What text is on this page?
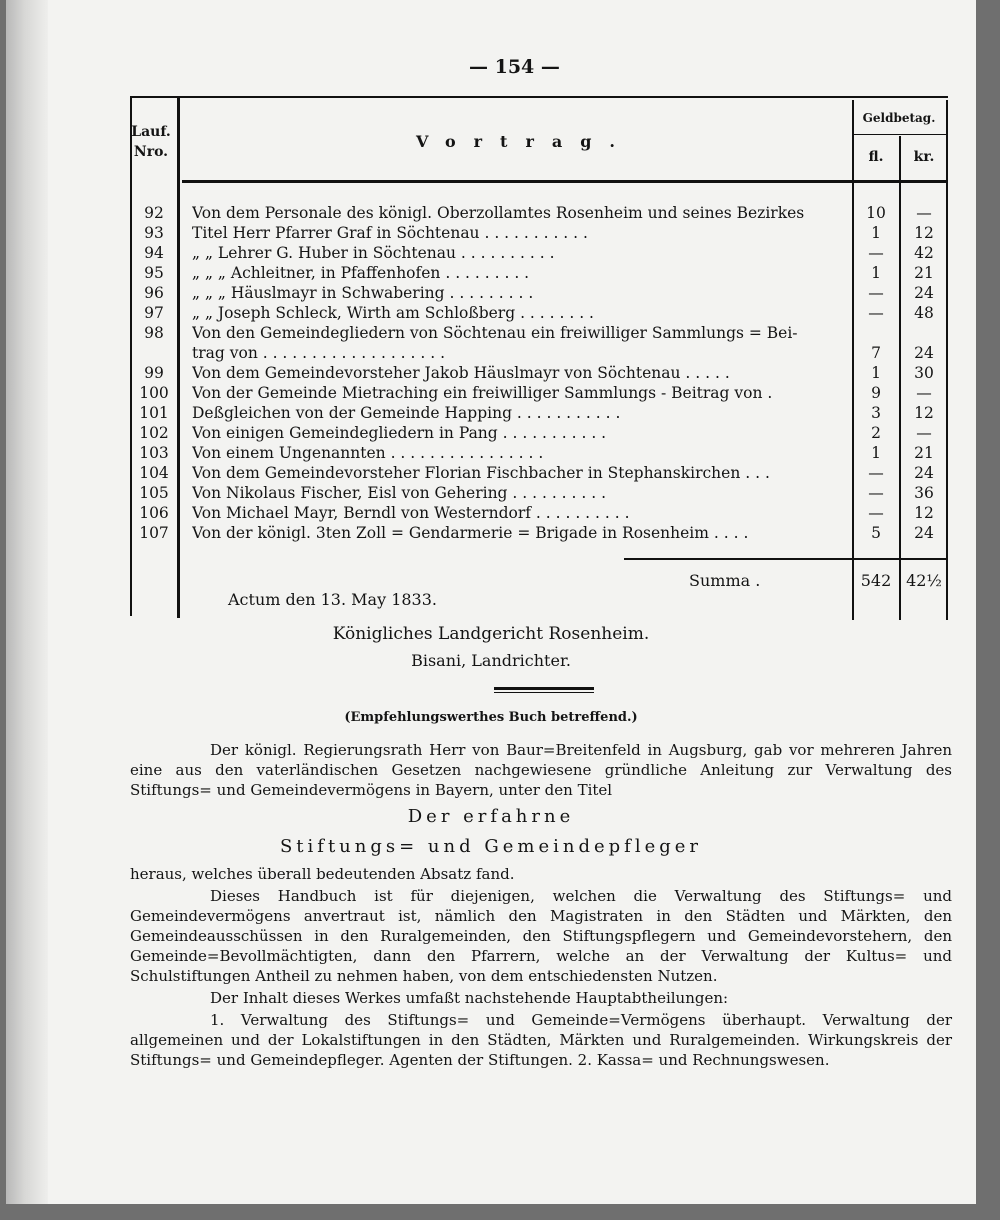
— 154 —
Lauf.
Nro.
Vortrag.
Geldbetag.
fl.	kr.
92	Von dem Personale des königl. Oberzollamtes Rosenheim und seines Bezirkes	10	—
93	Titel Herr Pfarrer Graf in Söchtenau . . . . . . . . . . .	1	12
94	„ „ Lehrer G. Huber in Söchtenau . . . . . . . . . .	—	42
95	„ „ „ Achleitner, in Pfaffenhofen . . . . . . . . .	1	21
96	„ „ „ Häuslmayr in Schwabering . . . . . . . . .	—	24
97	„ „ Joseph Schleck, Wirth am Schloßberg . . . . . . . .	—	48
98	Von den Gemeindegliedern von Söchtenau ein freiwilliger Sammlungs = Bei-
trag von . . . . . . . . . . . . . . . . . . .	7	24
99	Von dem Gemeindevorsteher Jakob Häuslmayr von Söchtenau . . . . .	1	30
100	Von der Gemeinde Mietraching ein freiwilliger Sammlungs - Beitrag von .	9	—
101	Deßgleichen von der Gemeinde Happing . . . . . . . . . . .	3	12
102	Von einigen Gemeindegliedern in Pang . . . . . . . . . . .	2	—
103	Von einem Ungenannten . . . . . . . . . . . . . . . .	1	21
104	Von dem Gemeindevorsteher Florian Fischbacher in Stephanskirchen . . .	—	24
105	Von Nikolaus Fischer, Eisl von Gehering . . . . . . . . . .	—	36
106	Von Michael Mayr, Berndl von Westerndorf . . . . . . . . . .	—	12
107	Von der königl. 3ten Zoll = Gendarmerie = Brigade in Rosenheim . . . .	5	24
Summa .	542 42½
Actum den 13. May 1833.
Königliches Landgericht Rosenheim.
Bisani, Landrichter.
(Empfehlungswerthes Buch betreffend.)

Der königl. Regierungsrath Herr von Baur=Breitenfeld in Augsburg, gab vor mehreren Jahren eine aus den vaterländischen Gesetzen nachgewiesene gründliche Anleitung zur Verwaltung des Stiftungs= und Gemeindevermögens in Bayern, unter den Titel

Der erfahrne
Stiftungs= und Gemeindepfleger

heraus, welches überall bedeutenden Absatz fand.

Dieses Handbuch ist für diejenigen, welchen die Verwaltung des Stiftungs= und Gemeindevermögens anvertraut ist, nämlich den Magistraten in den Städten und Märkten, den Gemeindeausschüssen in den Ruralgemeinden, den Stiftungspflegern und Gemeindevorstehern, den Gemeinde=Bevollmächtigten, dann den Pfarrern, welche an der Verwaltung der Kultus= und Schulstiftungen Antheil zu nehmen haben, von dem entschiedensten Nutzen.

Der Inhalt dieses Werkes umfaßt nachstehende Hauptabtheilungen:

1. Verwaltung des Stiftungs= und Gemeinde=Vermögens überhaupt. Verwaltung der allgemeinen und der Lokalstiftungen in den Städten, Märkten und Ruralgemeinden. Wirkungskreis der Stiftungs= und Gemeindepfleger. Agenten der Stiftungen. 2. Kassa= und Rechnungswesen.
